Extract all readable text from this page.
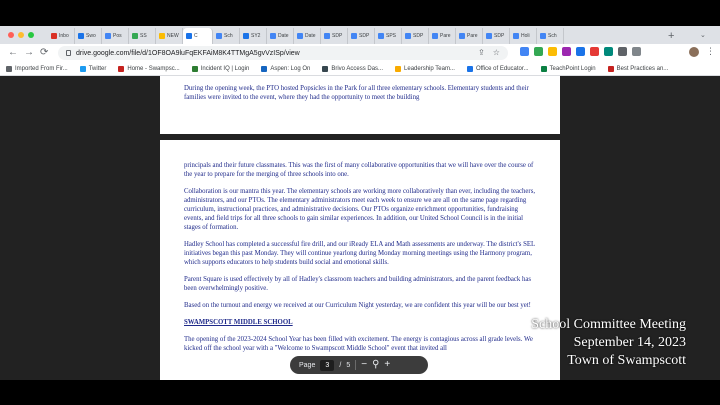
Inbo	Swo	Pos	SS	NEW	C	Sch	SY2	Date	Date	SDP	SDP	SPS	SDP	Pare	Pare	SDP	Holi	Sch	+	⌄
← → ⟳	drive.google.com/file/d/1OF8OA9luFqEKFAiM8K4TTMgA5gvVzISp/view	⇪ ☆	⋮
Imported From Fir...	Twitter	Home - Swampsc...	Incident IQ | Login	Aspen: Log On	Brivo Access Das...	Leadership Team...	Office of Educator...	TeachPoint Login	Best Practices an...

During the opening week, the PTO hosted Popsicles in the Park for all three elementary schools. Elementary students and their families were invited to the event, where they had the opportunity to meet the building

principals and their future classmates. This was the first of many collaborative opportunities that we will have over the course of the year to prepare for the merging of three schools into one.

Collaboration is our mantra this year. The elementary schools are working more collaboratively than ever, including the teachers, administrators, and our PTOs. The elementary administrators meet each week to ensure we are all on the same page regarding curriculum, instructional practices, and administrative decisions. Our PTOs organize enrichment opportunities, fundraising events, and field trips for all three schools to gain similar experiences. In addition, our United School Council is in the initial stages of formation.

Hadley School has completed a successful fire drill, and our iReady ELA and Math assessments are underway. The district's SEL initiatives began this past Monday. They will continue yearlong during Monday morning meetings using the Harmony program, which supports educators to help students build social and emotional skills.

Parent Square is used effectively by all of Hadley's classroom teachers and building administrators, and the parent feedback has been overwhelmingly positive.

Based on the turnout and energy we received at our Curriculum Night yesterday, we are confident this year will be our best yet!

SWAMPSCOTT MIDDLE SCHOOL

The opening of the 2023-2024 School Year has been filled with excitement. The energy is contagious across all grade levels. We kicked off the school year with a "Welcome to Swampscott Middle School" event that invited all

Page	3	/ 5 − ⚲ +
School Committee Meeting
September 14, 2023
Town of Swampscott
